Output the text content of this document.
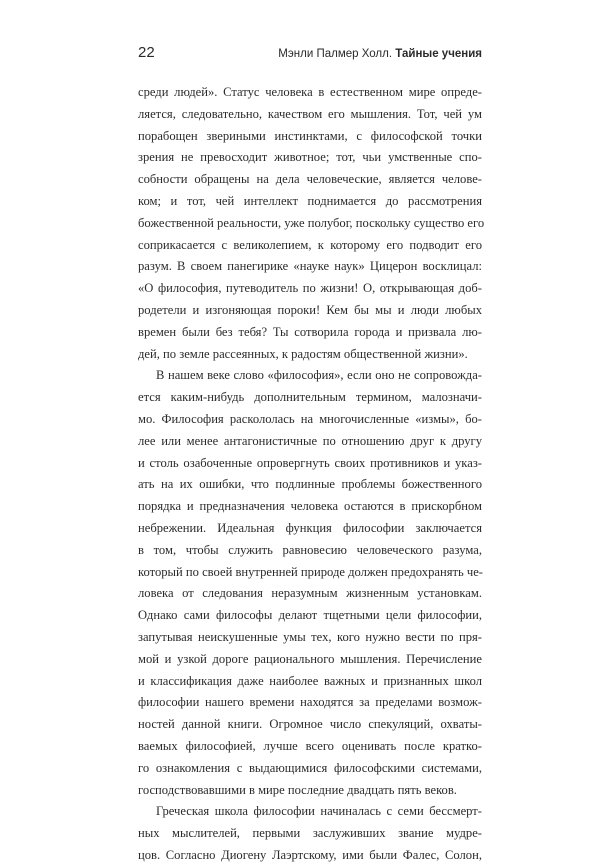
22	Мэнли Палмер Холл. Тайные учения
среди людей». Статус человека в естественном мире опреде-
ляется, следовательно, качеством его мышления. Тот, чей ум
порабощен звериными инстинктами, с философской точки
зрения не превосходит животное; тот, чьи умственные спо-
собности обращены на дела человеческие, является челове-
ком; и тот, чей интеллект поднимается до рассмотрения
божественной реальности, уже полубог, поскольку существо его
соприкасается с великолепием, к которому его подводит его
разум. В своем панегирике «науке наук» Цицерон восклицал:
«О философия, путеводитель по жизни! О, открывающая доб-
родетели и изгоняющая пороки! Кем бы мы и люди любых
времен были без тебя? Ты сотворила города и призвала лю-
дей, по земле рассеянных, к радостям общественной жизни».
В нашем веке слово «философия», если оно не сопровожда-
ется каким-нибудь дополнительным термином, малозначи-
мо. Философия раскололась на многочисленные «измы», бо-
лее или менее антагонистичные по отношению друг к другу
и столь озабоченные опровергнуть своих противников и указ-
ать на их ошибки, что подлинные проблемы божественного
порядка и предназначения человека остаются в прискорбном
небрежении. Идеальная функция философии заключается
в том, чтобы служить равновесию человеческого разума,
который по своей внутренней природе должен предохранять че-
ловека от следования неразумным жизненным установкам.
Однако сами философы делают тщетными цели философии,
запутывая неискушенные умы тех, кого нужно вести по пря-
мой и узкой дороге рационального мышления. Перечисление
и классификация даже наиболее важных и признанных школ
философии нашего времени находятся за пределами возмож-
ностей данной книги. Огромное число спекуляций, охваты-
ваемых философией, лучше всего оценивать после кратко-
го ознакомления с выдающимися философскими системами,
господствовавшими в мире последние двадцать пять веков.
Греческая школа философии начиналась с семи бессмерт-
ных мыслителей, первыми заслуживших звание мудре-
цов. Согласно Диогену Лаэртскому, ими были Фалес, Солон,
